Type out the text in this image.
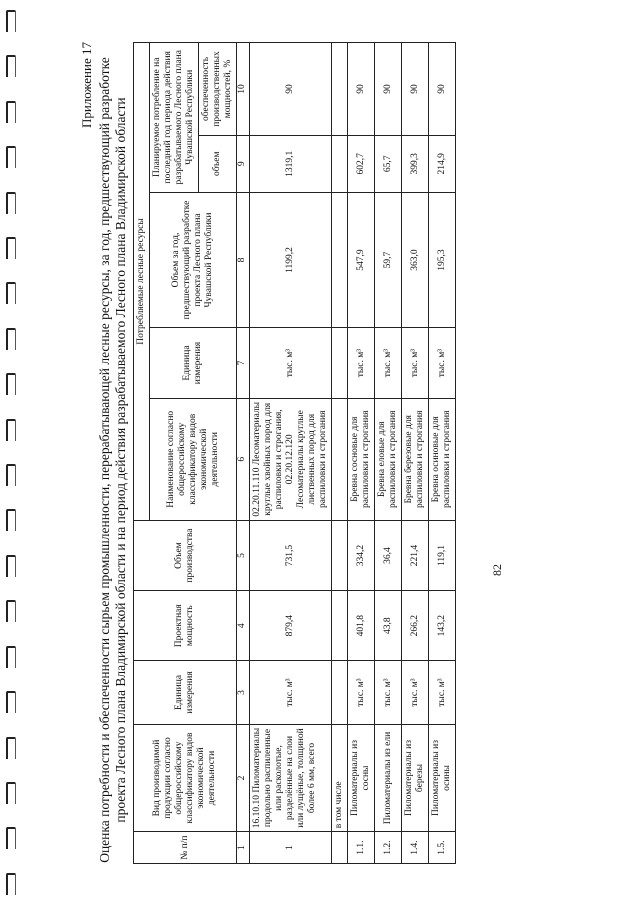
Приложение 17 Оценка потребности и обеспеченности сырьем промышленности, перерабатывающей лесные ресурсы, за год, предшествующий разработке проекта Лесного плана Владимирской области и на период действия разрабатываемого Лесного плана Владимирской области
№ п/п	Вид производимой продукции согласно общероссийскому классификатору видов экономической деятельности	Единица измерения	Проектная мощность	Объем производства	Потребляемые лесные ресурсы				
					Наименование согласно общероссийскому классификатору видов экономической деятельности	Единица измерения	Объем за год, предшествующий разработке проекта Лесного плана Чувашской Республики	Планируемое потребление на последний год периода действия разрабатываемого Лесного плана Чувашской Республики	
								объем	обеспеченность производственных мощностей, %
1	2	3	4	5	6	7	8	9	10
1	16.10.10 Пиломатериалы продольно распиленные или расколотые, разделённые на слои или лущёные, толщиной более 6 мм, всего	тыс. м³	879,4	731,5	02.20.11.110 Лесоматериалы круглые хвойных пород для распиловки и строгания, 02.20.12.120 Лесоматериалы круглые лиственных пород для распиловки и строгания	тыс. м³	1199,2	1319,1	90
	в том числе								
1.1.	Пиломатериалы из сосны	тыс. м³	401,8	334,2	Бревна сосновые для распиловки и строгания	тыс. м³	547,9	602,7	90
1.2.	Пиломатериалы из ели	тыс. м³	43,8	36,4	Бревна еловые для распиловки и строгания	тыс. м³	59,7	65,7	90
1.4.	Пиломатериалы из березы	тыс. м³	266,2	221,4	Бревна березовые для распиловки и строгания	тыс. м³	363,0	399,3	90
1.5.	Пиломатериалы из осины	тыс. м³	143,2	119,1	Бревна осиновые для распиловки и строгания	тыс. м³	195,3	214,9	90
82
